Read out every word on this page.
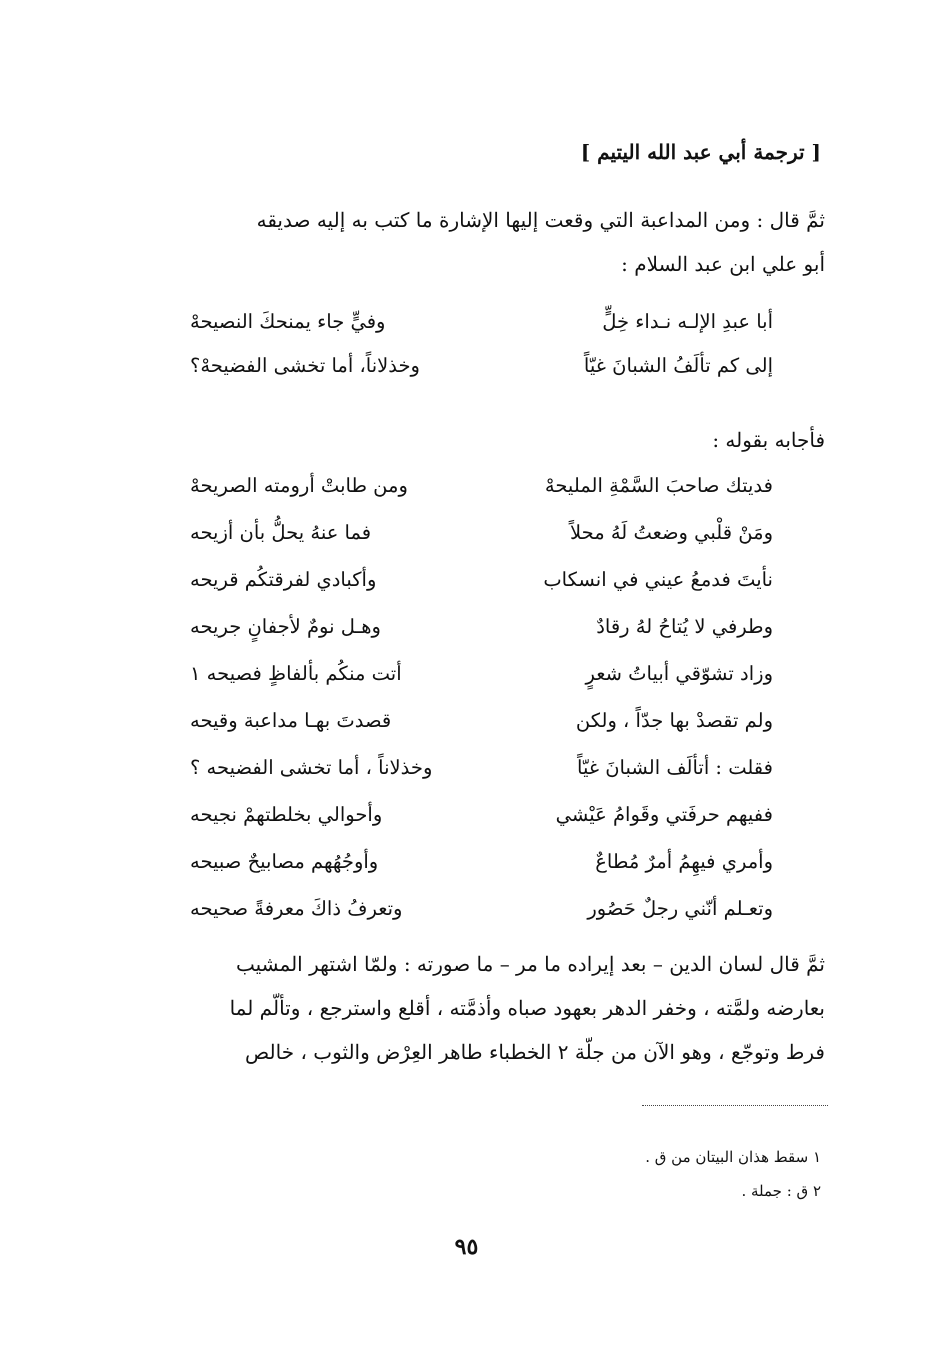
[ ترجمة أبي عبد الله اليتيم ]
ثمَّ قال : ومن المداعبة التي وقعت إليها الإشارة ما كتب به إليه صديقه
أبو علي ابن عبد السلام :
أبا عبدِ الإلـه نـداء خِلٍّ
وفيٍّ جاء يمنحكَ النصيحهْ
إلى كم تألَفُ الشبانَ غيّاً
وخذلاناً، أما تخشى الفضيحهْ؟
فأجابه بقوله :
فديتك صاحبَ السَّمْةِ المليحهْ
ومن طابتْ أرومته الصريحهْ
ومَنْ قلْبي وضعتُ لَهُ محلاً
فما عنهُ يحلُّ بأن أزيحه
نأيتَ فدمعُ عيني في انسكاب
وأكبادي لفرقتكُم قريحه
وطرفي لا يُتاحُ لهُ رقادٌ
وهـل نومٌ لأجفانٍ جريحه
وزاد تشوّقي أبياتُ شعرٍ
أتت منكُم بألفاظٍ فصيحه ١
ولم تقصدْ بها جدّاً ، ولكن
قصدتَ بهـا مداعبة وقيحه
فقلت : أتألَف الشبانَ غيّاً
وخذلاناً ، أما تخشى الفضيحه ؟
ففيهم حرفَتي وقَوامُ عَيْشي
وأحوالي بخلطتهمْ نجيحه
وأمري فيهِمُ أمرٌ مُطاعٌ
وأوجُهُهم مصابيحٌ صبيحه
وتعـلم أنّني رجلٌ حَصُور
وتعرفُ ذاكَ معرفةً صحيحه
ثمَّ قال لسان الدين – بعد إيراده ما مر – ما صورته : ولمّا اشتهر المشيب
بعارضه ولمَّته ، وخفر الدهر بعهود صباه وأذمَّته ، أقلع واسترجع ، وتألّم لما
فرط وتوجّع ، وهو الآن من جلّة ٢ الخطباء طاهر العِرْض والثوب ، خالص
١ سقط هذان البيتان من ق .
٢ ق : جملة .
٩٥
